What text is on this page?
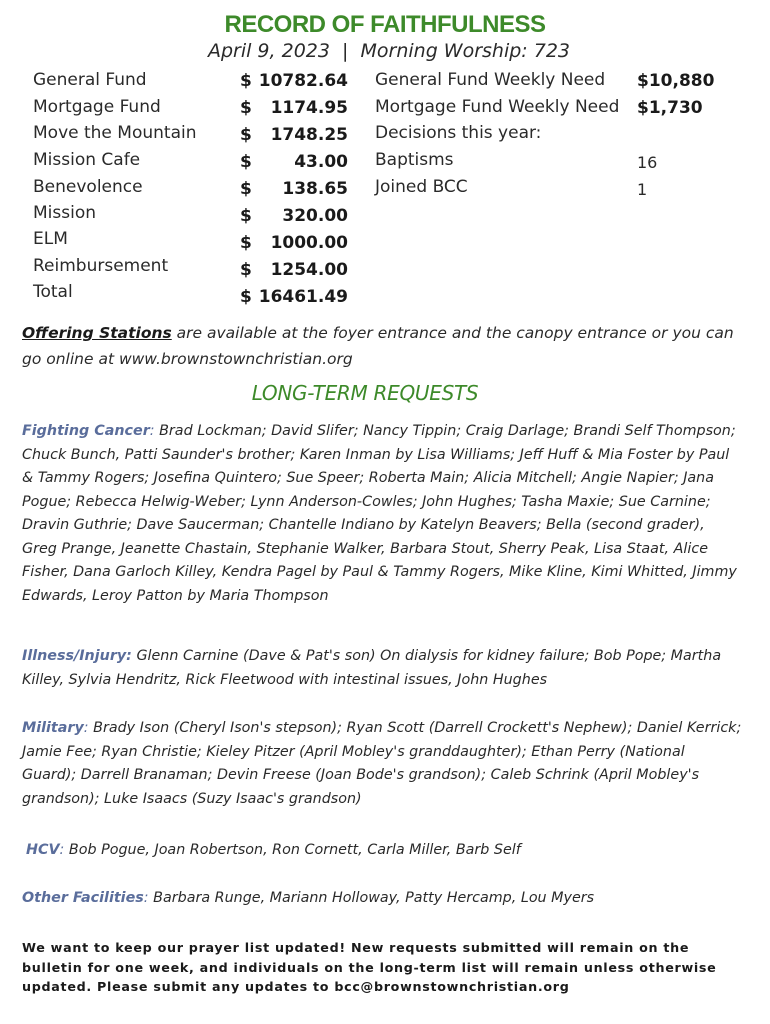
RECORD OF FAITHFULNESS
April 9, 2023  |  Morning Worship: 723
General Fund	$ 10782.64
Mortgage Fund	$ 1174.95
Move the Mountain	$ 1748.25
Mission Cafe	$ 43.00
Benevolence	$ 138.65
Mission	$ 320.00
ELM	$ 1000.00
Reimbursement	$ 1254.00
Total	$ 16461.49
General Fund Weekly Need $10,880
Mortgage Fund Weekly Need $1,730
Decisions this year:
Baptisms	16
Joined BCC	1
Offering Stations are available at the foyer entrance and the canopy entrance or you can go online at www.brownstownchristian.org
LONG-TERM REQUESTS
Fighting Cancer: Brad Lockman; David Slifer; Nancy Tippin; Craig Darlage; Brandi Self Thompson; Chuck Bunch, Patti Saunder's brother; Karen Inman by Lisa Williams; Jeff Huff & Mia Foster by Paul & Tammy Rogers; Josefina Quintero; Sue Speer; Roberta Main; Alicia Mitchell; Angie Napier; Jana Pogue; Rebecca Helwig-Weber; Lynn Anderson-Cowles; John Hughes; Tasha Maxie; Sue Carnine; Dravin Guthrie; Dave Saucerman; Chantelle Indiano by Katelyn Beavers; Bella (second grader), Greg Prange, Jeanette Chastain, Stephanie Walker, Barbara Stout, Sherry Peak, Lisa Staat, Alice Fisher, Dana Garloch Killey, Kendra Pagel by Paul & Tammy Rogers, Mike Kline, Kimi Whitted, Jimmy Edwards, Leroy Patton by Maria Thompson
Illness/Injury: Glenn Carnine (Dave & Pat's son) On dialysis for kidney failure; Bob Pope; Martha Killey, Sylvia Hendritz, Rick Fleetwood with intestinal issues, John Hughes
Military: Brady Ison (Cheryl Ison's stepson); Ryan Scott (Darrell Crockett's Nephew); Daniel Kerrick; Jamie Fee; Ryan Christie; Kieley Pitzer (April Mobley's granddaughter); Ethan Perry (National Guard); Darrell Branaman; Devin Freese (Joan Bode's grandson); Caleb Schrink (April Mobley's grandson); Luke Isaacs (Suzy Isaac's grandson)
HCV: Bob Pogue, Joan Robertson, Ron Cornett, Carla Miller, Barb Self
Other Facilities: Barbara Runge, Mariann Holloway, Patty Hercamp, Lou Myers
We want to keep our prayer list updated! New requests submitted will remain on the bulletin for one week, and individuals on the long-term list will remain unless otherwise updated. Please submit any updates to bcc@brownstownchristian.org
